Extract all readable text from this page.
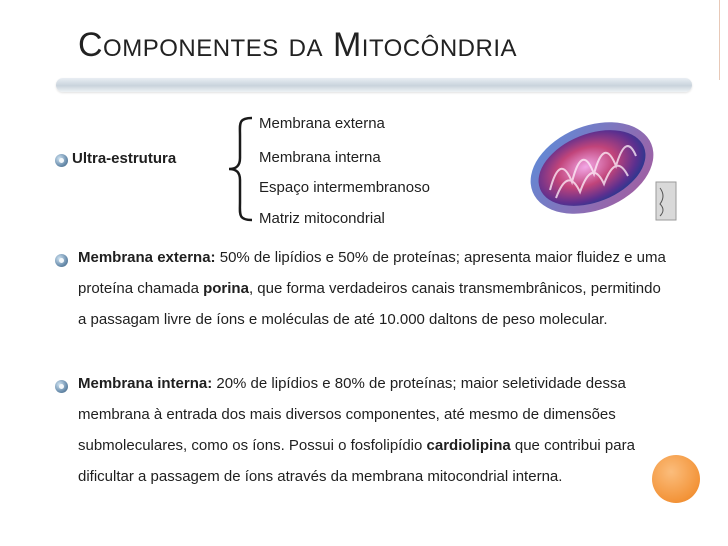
Componentes da Mitocôndria
Ultra-estrutura
Membrana externa
Membrana interna
Espaço intermembranoso
Matriz mitocondrial
Membrana externa: 50% de lipídios e 50% de proteínas; apresenta maior fluidez e uma proteína chamada porina, que forma verdadeiros canais transmembrânicos, permitindo a passagam livre de íons e moléculas de até 10.000 daltons de peso molecular.
Membrana interna: 20% de lipídios e 80% de proteínas; maior seletividade dessa membrana à entrada dos mais diversos componentes, até mesmo de dimensões submoleculares, como os íons. Possui o fosfolipídio cardiolipina que contribui para dificultar a passagem de íons através da membrana mitocondrial interna.
